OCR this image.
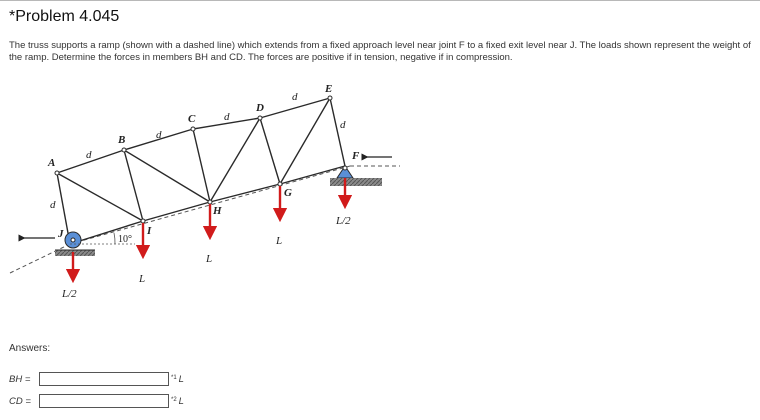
*Problem 4.045
The truss supports a ramp (shown with a dashed line) which extends from a fixed approach level near joint F to a fixed exit level near J. The loads shown represent the weight of the ramp. Determine the forces in members BH and CD. The forces are positive if in tension, negative if in compression.
10°
A
B
C
D
E
F
G
H
I
J
d
d
d
d
d
d
L/2
L
L
L
L/2
Answers:
BH =	*1 L
CD =	*2 L
